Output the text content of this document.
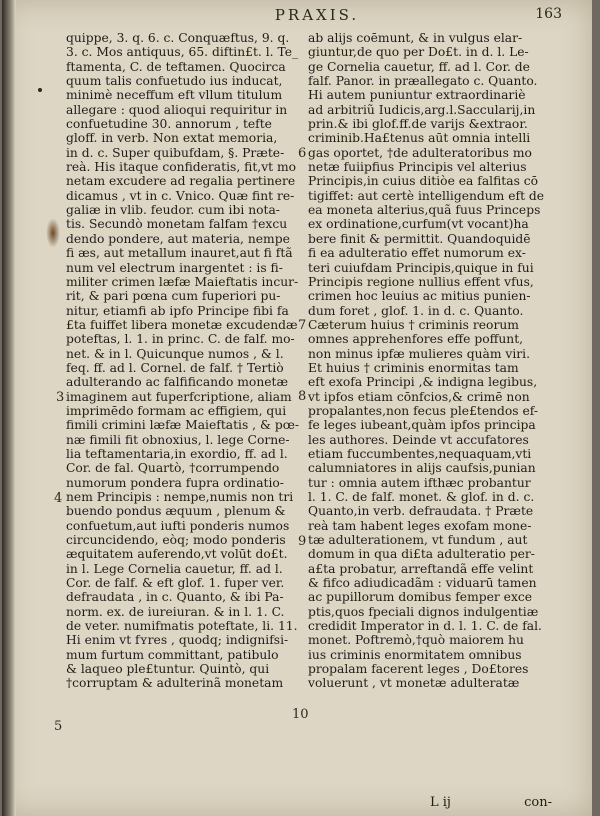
PRAXIS.	163
quippe, 3. q. 6. c. Conquæftus, 9. q.
3. c. Mos antiquus, 65. diftin£t. l. Te_
ftamenta, C. de teftamen. Quocirca
quum talis confuetudo ius inducat,
minimè neceffum eft vllum titulum
allegare : quod alioqui requiritur in
confuetudine 30. annorum , tefte
gloff. in verb. Non extat memoria,
in d. c. Super quibufdam, §. Præte-
reà. His itaque confideratis, fit,vt mo
netam excudere ad regalia pertinere
dicamus , vt in c. Vnico. Quæ fint re-
galiæ in vlib. feudor. cum ibi nota-
tis. Secundò monetam falfam †excu
dendo pondere, aut materia, nempe
fi æs, aut metallum inauret,aut fi ftã
num vel electrum inargentet : is fi-
militer crimen læfæ Maieftatis incur-
rit, & pari pœna cum fuperiori pu-
nitur, etiamfi ab ipfo Principe fibi fa
£ta fuiffet libera monetæ excudendæ
poteftas, l. 1. in princ. C. de falf. mo-
net. & in l. Quicunque numos , & l.
feq. ff. ad l. Cornel. de falf. † Tertiò
adulterando ac falfificando monetæ
imaginem aut fuperfcriptione, aliam
imprimēdo formam ac effigiem, qui
fimili crimini læfæ Maieftatis , & pœ-
næ fimili fit obnoxius, l. lege Corne-
lia teftamentaria,in exordio, ff. ad l.
Cor. de fal. Quartò, †corrumpendo
numorum pondera fupra ordinatio-
nem Principis : nempe,numis non tri
buendo pondus æquum , plenum &
confuetum,aut iufti ponderis numos
circuncidendo, eòq; modo ponderis
æquitatem auferendo,vt volūt do£t.
in l. Lege Cornelia cauetur, ff. ad l.
Cor. de falf. & eft glof. 1. fuper ver.
defraudata , in c. Quanto, & ibi Pa-
norm. ex. de iureiuran. & in l. 1. C.
de veter. numifmatis poteftate, li. 11.
Hi enim vt fʏres , quodq; indignifsi-
mum furtum committant, patibulo
& laqueo ple£tuntur. Quintò, qui
†corruptam & adulterinã monetam
ab alijs coēmunt, & in vulgus elar-
giuntur,de quo per Do£t. in d. l. Le-
ge Cornelia cauetur, ff. ad l. Cor. de
falf. Panor. in præallegato c. Quanto.
Hi autem puniuntur extraordinariè
ad arbitriũ Iudicis,arg.l.Saccularij,in
prin.& ibi glof.ff.de varijs &extraor.
criminib.Ha£tenus aūt omnia intelli
gas oportet, †de adulteratoribus mo
netæ fuiipfius Principis vel alterius
Principis,in cuius ditiòe ea falfitas cō
tigiffet: aut certè intelligendum eft de
ea moneta alterius,quã fuus Princeps
ex ordinatione,curfum(vt vocant)ha
bere finit & permittit. Quandoquidē
fi ea adulteratio effet numorum ex-
teri cuiufdam Principis,quique in fui
Principis regione nullius effent vfus,
crimen hoc leuius ac mitius punien-
dum foret , glof. 1. in d. c. Quanto.
Cæterum huius † criminis reorum
omnes apprehenfores effe poffunt,
non minus ipfæ mulieres quàm viri.
Et huius † criminis enormitas tam
eft exofa Principi ,& indigna legibus,
vt ipfos etiam cōnfcios,& crimē non
propalantes,non fecus ple£tendos ef-
fe leges iubeant,quàm ipfos principa
les authores. Deinde vt accufatores
etiam fuccumbentes,nequaquam,vti
calumniatores in alijs caufsis,punian
tur : omnia autem ifthæc probantur
l. 1. C. de falf. monet. & glof. in d. c.
Quanto,in verb. defraudata. † Præte
reà tam habent leges exofam mone-
tæ adulterationem, vt fundum , aut
domum in qua di£ta adulteratio per-
a£ta probatur, arreftandã effe velint
& fifco adiudicadãm : viduarū tamen
ac pupillorum domibus femper exce
ptis,quos fpeciali dignos indulgentiæ
credidit Imperator in d. l. 1. C. de fal.
monet. Poftremò,†quò maiorem hu
ius criminis enormitatem omnibus
propalam facerent leges , Do£tores
voluerunt , vt monetæ adulteratæ
3
4
5
6
7
8
9
10
L ij	con-
